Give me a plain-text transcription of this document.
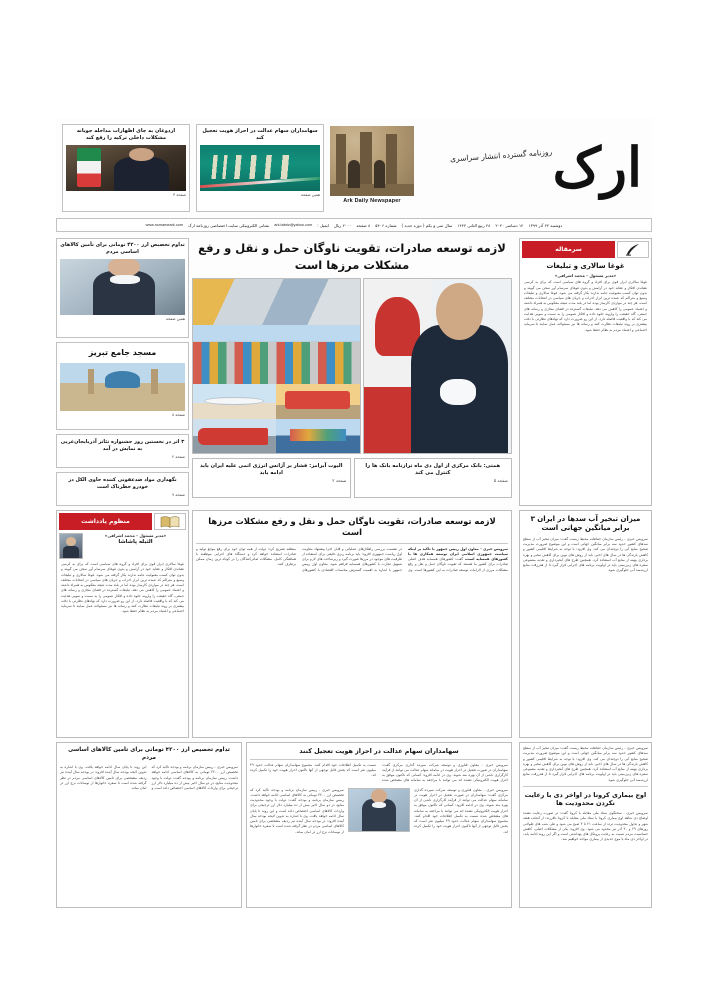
ارک
روزنامه گسترده انتشار سراسری
Ark Daily Newspaper
سهامداران سهام عدالت در احراز هویت تعجیل کند
همین صفحه
اردوغان به جای اظهارات مداخله جویانه مشکلات داخلی ترکیه را رفع کند
صفحه ۳
دوشنبه ۲۴ آذر ۱۳۹۹
۱۴ دسامبر ۲۰۲۰
۲۸ ربیع الثانی ۱۴۴۲
سال سی و یکم ( دوره جدید )
شماره ۵۴۰۶
۸ صفحه
۲۰۰۰ ریال
ایمیل :
ark.tabriz@yahoo.com
نشانی الکترونیکی سایت اختصاصی روزنامه ارک
www.roznameark.com
تداوم تخصیص ارز ۴۲۰۰ تومانی برای تأمین کالاهای اساسی مردم
همین صفحه
مسجد جامع تبریز
صفحه ۸
۳ اثر در نخستین روز جشنواره تئاتر آذربایجان‌غربی به نمایش در آمد
صفحه ۴
نگهداری مواد ضدعفونی کننده حاوی الکل در خودرو خطرناک است
صفحه ۷
لازمه توسعه صادرات، تقویت ناوگان حمل و نقل و رفع مشکلات مرزها است
همتی: بانک مرکزی از اول دی ماه ترازنامه بانک ها را کنترل می کند
صفحه ۵
الیوت آبرامز: فشار بر آژانس انرژی اتمی علیه ایران باید ادامه یابد
صفحه ۲
سرمقاله
غوغا سالاری و تبلیغات
«مدیر مسئول - محمد اشرافی»
غوغا سالاری ابزار قوی برای افراد و گروه های سیاسی است که برای به کرسی نشاندن افکار و عقاید خود در آرامش و بدون غوغای سرسام آور سخن می گویند و بدون توان کسب مقبولیت عامه ندارند بکار گرفته می شود. غوغا سالاری و تبلیغات وسیع و متراکم که عمده ترین ابزار احزاب و جریان های سیاسی در انتخابات مختلف است، هر چند در مواردی کارساز بوده اما در بلند مدت نتیجه معکوس به همراه داشته و اعتماد عمومی را کاهش می دهد. تبلیغات گسترده در فضای مجازی و رسانه های جمعی، گاه حقیقت را وارونه جلوه داده و افکار عمومی را به سمت و سویی هدایت می کند که با واقعیت فاصله دارد. از این رو ضرورت دارد که نهادهای نظارتی با دقت بیشتری بر روند تبلیغات نظارت کنند و رسانه ها نیز مسئولانه عمل نمایند تا سرمایه اجتماعی و اعتماد مردم به نظام حفظ شود.
منظوم یادداشت
«مدیر مسئول - محمد اشرافی»
الثبله پاشاشا
غوغا سالاری ابزار قوی برای افراد و گروه های سیاسی است که برای به کرسی نشاندن افکار و عقاید خود در آرامش و بدون غوغای سرسام آور سخن می گویند و بدون توان کسب مقبولیت عامه ندارند بکار گرفته می شود. غوغا سالاری و تبلیغات وسیع و متراکم که عمده ترین ابزار احزاب و جریان های سیاسی در انتخابات مختلف است، هر چند در مواردی کارساز بوده اما در بلند مدت نتیجه معکوس به همراه داشته و اعتماد عمومی را کاهش می دهد. تبلیغات گسترده در فضای مجازی و رسانه های جمعی، گاه حقیقت را وارونه جلوه داده و افکار عمومی را به سمت و سویی هدایت می کند که با واقعیت فاصله دارد. از این رو ضرورت دارد که نهادهای نظارتی با دقت بیشتری بر روند تبلیغات نظارت کنند و رسانه ها نیز مسئولانه عمل نمایند تا سرمایه اجتماعی و اعتماد مردم به نظام حفظ شود.
لازمه توسعه صادرات، تقویت ناوگان حمل و نقل و رفع مشکلات مرزها است
سرویس خبری - معاون اول رییس جمهور با تاکید بر اینکه سیاست جمهوری اسلامی ایران توسعه همکاری ها با کشورهای همسایه است، گفت: کشورهای همسایه هدف اصلی صادرات برای کشور ما هستند که تقویت ناوگان حمل و نقل و رفع مشکلات مرزی از الزامات توسعه صادرات به این کشورها است. وی در نشست بررسی راهکارهای عملیاتی و قابل اجرا پیشنهاد معاونت اول ریاست جمهوری افزود: باید برنامه ریزی دقیقی برای استفاده از ظرفیت های موجود در مرزها صورت گیرد و زیرساخت های لازم برای تسهیل تجارت با کشورهای همسایه فراهم شود. معاون اول رییس جمهور با اشاره به اهمیت گسترش مناسبات اقتصادی با کشورهای منطقه تصریح کرد: دولت از همه توان خود برای رفع موانع تولید و صادرات استفاده خواهد کرد و دستگاه های اجرایی موظفند با هماهنگی کامل، مشکلات صادرکنندگان را در کوتاه ترین زمان ممکن برطرف کنند.
میزان تبخیر آب سدها در ایران ۳ برابر میانگین جهانی است
سرویس خبری - رئیس سازمان حفاظت محیط زیست گفت: میزان تبخیر آب از سطح سدهای کشور حدود سه برابر میانگین جهانی است و این موضوع ضرورت مدیریت صحیح منابع آبی را دوچندان می کند. وی افزود: با توجه به شرایط اقلیمی کشور و کاهش بارندگی ها در سال های اخیر، باید از روش های نوین برای کاهش تبخیر و بهره برداری بهینه از منابع آب استفاده کرد. همچنین طرح های آبخیزداری و تغذیه مصنوعی سفره های زیرزمینی باید در اولویت برنامه های اجرایی قرار گیرد تا از هدررفت منابع ارزشمند آبی جلوگیری شود.
تداوم تخصیص ارز ۴۲۰۰ تومانی برای تامین کالاهای اساسی مردم
سرویس خبری - رییس سازمان برنامه و بودجه تاکید کرد که تخصیص ارز ۴۲۰۰ تومانی به کالاهای اساسی ادامه خواهد داشت. رییس سازمان برنامه و بودجه گفت: دولت با وجود محدودیت منابع، در دو سال اخیر بیش از ده میلیارد دلار ارز ترجیحی برای واردات کالاهای اساسی اختصاص داده است و این روند تا پایان سال ادامه خواهد یافت. وی با اشاره به تدوین لایحه بودجه سال آینده افزود: در بودجه سال آینده نیز ردیف مشخصی برای تامین کالاهای اساسی مردم در نظر گرفته شده است تا سفره خانوارها از نوسانات نرخ ارز در امان بماند.
سهامداران سهام عدالت در احراز هویت تعجیل کنند
سرویس خبری - معاون فناوری و توسعه شرکت سپرده گذاری مرکزی گفت: سهامداران در صورت تعجیل در احراز هویت در سامانه سهام عدالت می توانند از فرآیند کارگزاری ناشی از آن بهره مند شوند. وی در ادامه افزود: کسانی که تاکنون موفق به احراز هویت الکترونیکی نشده اند می توانند با مراجعه به سامانه های مشخص شده نسبت به تکمیل اطلاعات خود اقدام کنند. مجموع سهامداران سهام عدالت حدود ۴۹ میلیون نفر است که بخش قابل توجهی از آنها تاکنون احراز هویت خود را تکمیل کرده اند.
سرویس خبری - معاون فناوری و توسعه شرکت سپرده گذاری مرکزی گفت: سهامداران در صورت تعجیل در احراز هویت در سامانه سهام عدالت می توانند از فرآیند کارگزاری ناشی از آن بهره مند شوند. وی در ادامه افزود: کسانی که تاکنون موفق به احراز هویت الکترونیکی نشده اند می توانند با مراجعه به سامانه های مشخص شده نسبت به تکمیل اطلاعات خود اقدام کنند. مجموع سهامداران سهام عدالت حدود ۴۹ میلیون نفر است که بخش قابل توجهی از آنها تاکنون احراز هویت خود را تکمیل کرده اند.
سرویس خبری - رییس سازمان برنامه و بودجه تاکید کرد که تخصیص ارز ۴۲۰۰ تومانی به کالاهای اساسی ادامه خواهد داشت. رییس سازمان برنامه و بودجه گفت: دولت با وجود محدودیت منابع، در دو سال اخیر بیش از ده میلیارد دلار ارز ترجیحی برای واردات کالاهای اساسی اختصاص داده است و این روند تا پایان سال ادامه خواهد یافت. وی با اشاره به تدوین لایحه بودجه سال آینده افزود: در بودجه سال آینده نیز ردیف مشخصی برای تامین کالاهای اساسی مردم در نظر گرفته شده است تا سفره خانوارها از نوسانات نرخ ارز در امان بماند.
سرویس خبری - رئیس سازمان حفاظت محیط زیست گفت: میزان تبخیر آب از سطح سدهای کشور حدود سه برابر میانگین جهانی است و این موضوع ضرورت مدیریت صحیح منابع آبی را دوچندان می کند. وی افزود: با توجه به شرایط اقلیمی کشور و کاهش بارندگی ها در سال های اخیر، باید از روش های نوین برای کاهش تبخیر و بهره برداری بهینه از منابع آب استفاده کرد. همچنین طرح های آبخیزداری و تغذیه مصنوعی سفره های زیرزمینی باید در اولویت برنامه های اجرایی قرار گیرد تا از هدررفت منابع ارزشمند آبی جلوگیری شود.
اوج بیماری کرونا در اواخر دی با رعایت نکردن محدودیت ها
سرویس خبری - سخنگوی ستاد ملی مقابله با کرونا گفت: در صورت رعایت نشده اوضاع دی شاهد اوج بیماری کرونا با ستاد ملی مقابله با کرونا نافرزند: از آنجلب هفته شهر و تداول محدودیت تردد از ساعت ۲۱ تا ۴ صبح می شود و طی شب های طولانی روزهای ۲۹ و ۳۰ آذر نیز محدود می شود. وی افزود: یکی از مشکلات اصلی، کاهش حساسیت مردم نسبت به رعایت پروتکل های بهداشتی است و اگر این روند ادامه یابد، در اواخر دی ماه با موج جدیدی از بیماری مواجه خواهیم شد.
